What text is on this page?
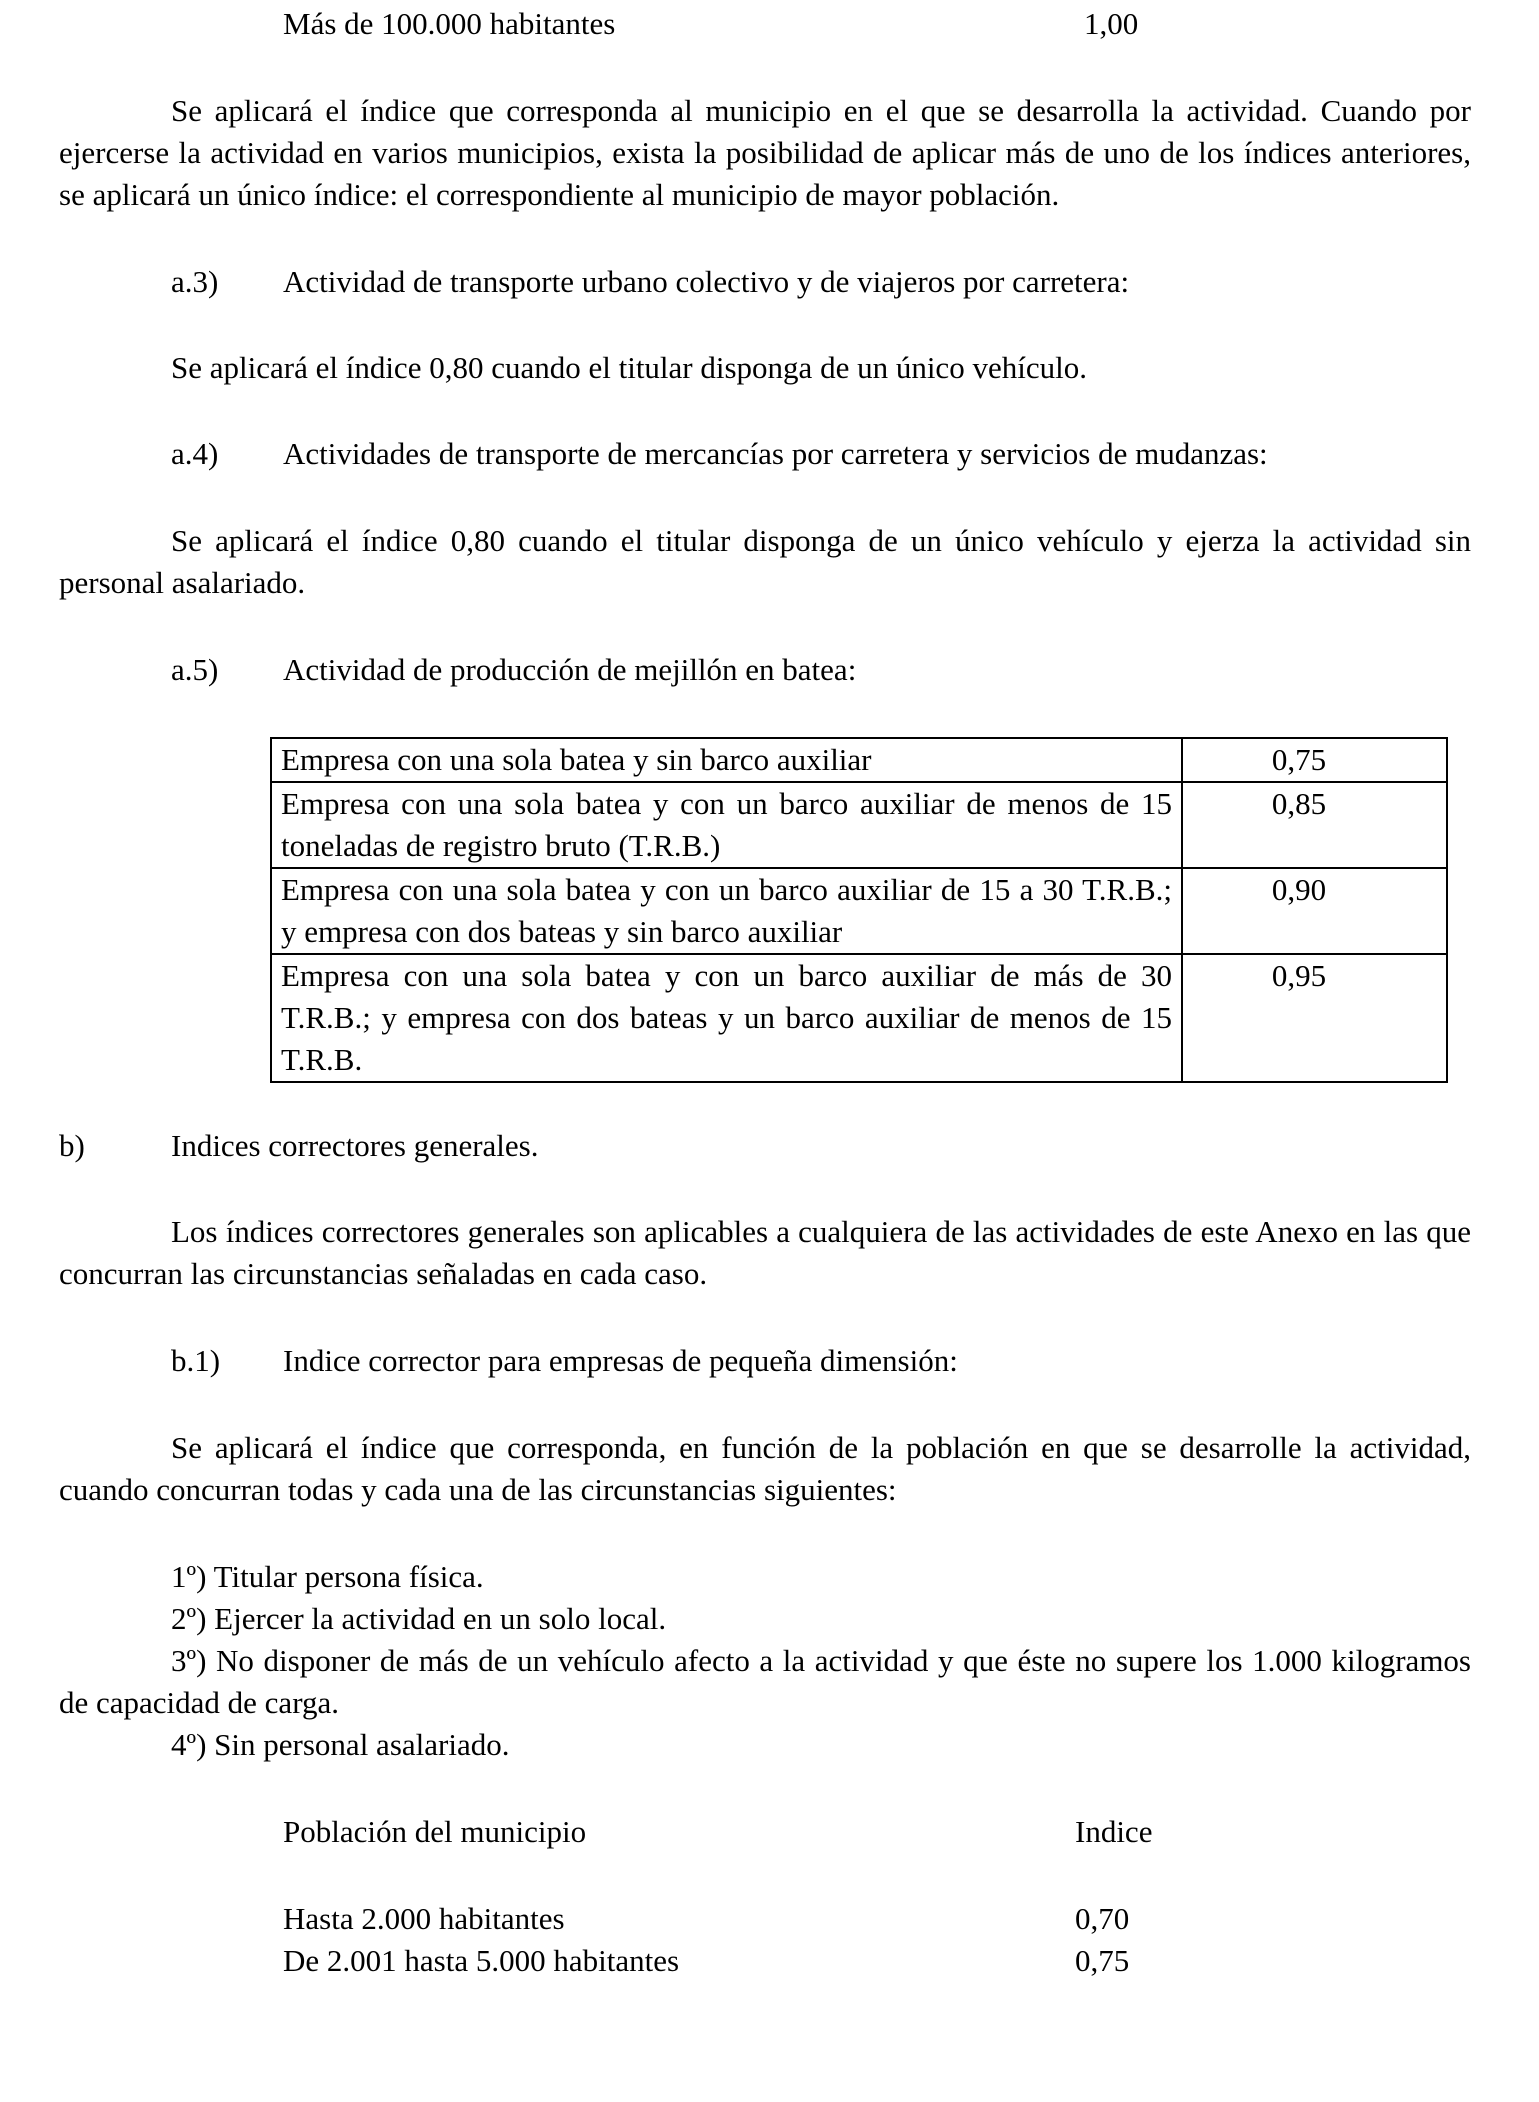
Más de 100.000 habitantes	1,00

Se aplicará el índice que corresponda al municipio en el que se desarrolla la actividad. Cuando por ejercerse la actividad en varios municipios, exista la posibilidad de aplicar más de uno de los índices anteriores, se aplicará un único índice: el correspondiente al municipio de mayor población.

a.3)	Actividad de transporte urbano colectivo y de viajeros por carretera:

Se aplicará el índice 0,80 cuando el titular disponga de un único vehículo.

a.4) Actividades de transporte de mercancías por carretera y servicios de mudanzas:

Se aplicará el índice 0,80 cuando el titular disponga de un único vehículo y ejerza la actividad sin personal asalariado.

a.5)	Actividad de producción de mejillón en batea:
Empresa con una sola batea y sin barco auxiliar	0,75
Empresa con una sola batea y con un barco auxiliar de menos de 15 toneladas de registro bruto (T.R.B.)	0,85
Empresa con una sola batea y con un barco auxiliar de 15 a 30 T.R.B.; y empresa con dos bateas y sin barco auxiliar	0,90
Empresa con una sola batea y con un barco auxiliar de más de 30 T.R.B.; y empresa con dos bateas y un barco auxiliar de menos de 15 T.R.B.	0,95
b)	Indices correctores generales.

Los índices correctores generales son aplicables a cualquiera de las actividades de este Anexo en las que concurran las circunstancias señaladas en cada caso.

b.1)	Indice corrector para empresas de pequeña dimensión:

Se aplicará el índice que corresponda, en función de la población en que se desarrolle la actividad, cuando concurran todas y cada una de las circunstancias siguientes:

1º) Titular persona física.

2º) Ejercer la actividad en un solo local.

3º) No disponer de más de un vehículo afecto a la actividad y que éste no supere los 1.000 kilogramos de capacidad de carga.

4º) Sin personal asalariado.

Población del municipio	Indice
Hasta 2.000 habitantes	0,70
De 2.001 hasta 5.000 habitantes	0,75
